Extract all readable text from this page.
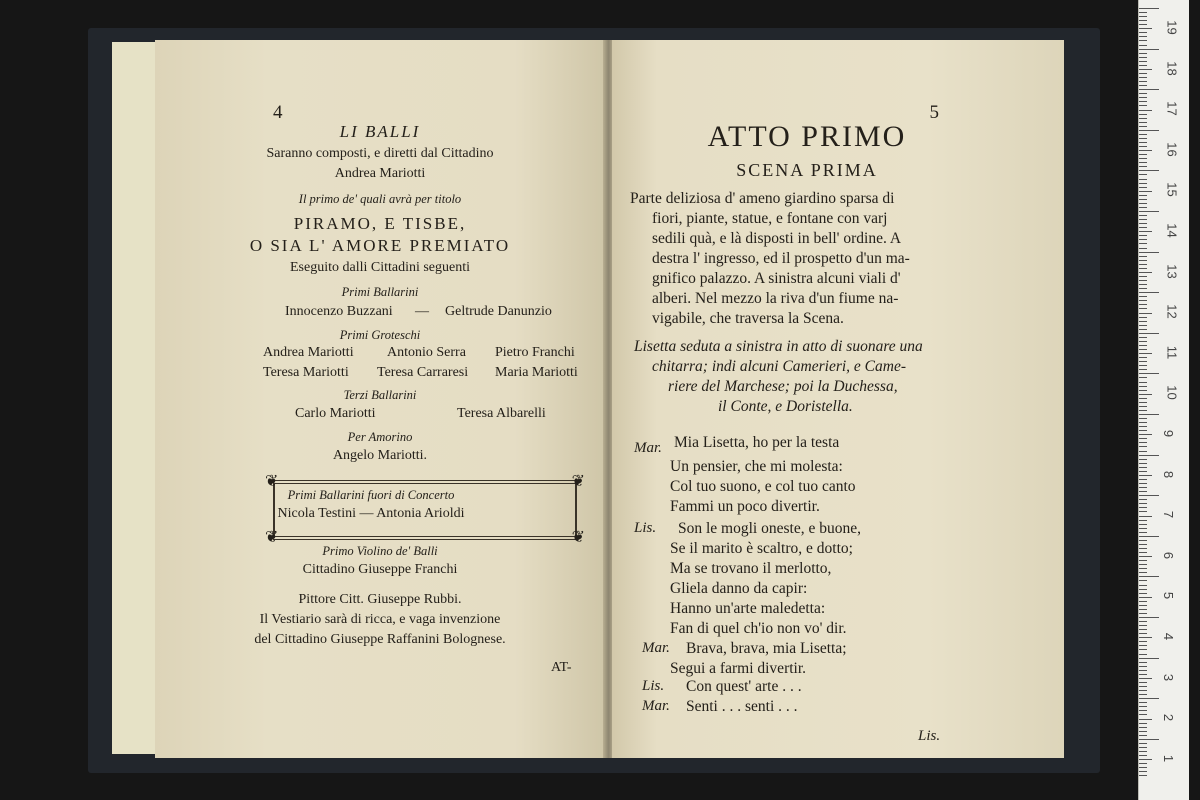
4
LI BALLI
Saranno composti, e diretti dal Cittadino
Andrea Mariotti
Il primo de' quali avrà per titolo
PIRAMO, E TISBE,
O SIA L' AMORE PREMIATO
Eseguito dalli Cittadini seguenti
Primi Ballarini
Innocenzo Buzzani — Geltrude Danunzio
Primi Groteschi
Andrea Mariotti Antonio Serra Pietro Franchi
Teresa Mariotti Teresa Carraresi Maria Mariotti
Terzi Ballarini
Carlo Mariotti	Teresa Albarelli
Per Amorino
Angelo Mariotti.
❦	❦
❦	❦
Primi Ballarini fuori di Concerto
Nicola Testini — Antonia Arioldi
Primo Violino de' Balli
Cittadino Giuseppe Franchi
Pittore Citt. Giuseppe Rubbi.
Il Vestiario sarà di ricca, e vaga invenzione
del Cittadino Giuseppe Raffanini Bolognese.
AT-
5
ATTO PRIMO
SCENA PRIMA
Parte deliziosa d' ameno giardino sparsa di
fiori, piante, statue, e fontane con varj
sedili quà, e là disposti in bell' ordine. A
destra l' ingresso, ed il prospetto d'un ma-
gnifico palazzo. A sinistra alcuni viali d'
alberi. Nel mezzo la riva d'un fiume na-
vigabile, che traversa la Scena.
Lisetta seduta a sinistra in atto di suonare una
chitarra; indi alcuni Camerieri, e Came-
riere del Marchese; poi la Duchessa,
il Conte, e Doristella.
Mar. Mia Lisetta, ho per la testa
Un pensier, che mi molesta:
Col tuo suono, e col tuo canto
Fammi un poco divertir.
Lis. Son le mogli oneste, e buone,
Se il marito è scaltro, e dotto;
Ma se trovano il merlotto,
Gliela danno da capir:
Hanno un'arte maledetta:
Fan di quel ch'io non vo' dir.
Mar. Brava, brava, mia Lisetta;
Segui a farmi divertir.
Lis. Con quest' arte . . .
Mar. Senti . . . senti . . .
Lis.
19
18
17
16
15
14
13
12
11
10
9
8
7
6
5
4
3
2
1
